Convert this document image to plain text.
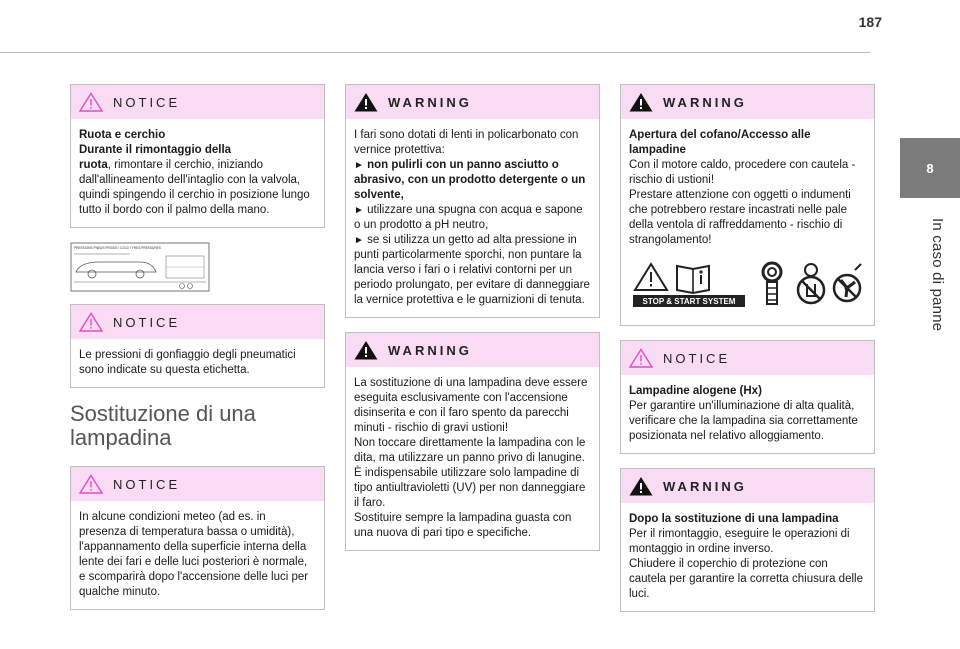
187
8
In caso di panne
NOTICE

Ruota e cerchio

Durante il rimontaggio della

ruota, rimontare il cerchio, iniziando dall'allineamento dell'intaglio con la valvola, quindi spingendo il cerchio in posizione lungo tutto il bordo con il palmo della mano.

PRESSIONS PNEUS FROIDS / COLD TYRES PRESSURES
NOTICE

Le pressioni di gonfiaggio degli pneumatici sono indicate su questa etichetta.

Sostituzione di una
lampadina
NOTICE

In alcune condizioni meteo (ad es. in presenza di temperatura bassa o umidità), l'appannamento della superficie interna della lente dei fari e delle luci posteriori è normale, e scomparirà dopo l'accensione delle luci per qualche minuto.

WARNING

I fari sono dotati di lenti in policarbonato con vernice protettiva:

► non pulirli con un panno asciutto o abrasivo, con un prodotto detergente o un solvente,

► utilizzare una spugna con acqua e sapone o un prodotto a pH neutro,

► se si utilizza un getto ad alta pressione in punti particolarmente sporchi, non puntare la lancia verso i fari o i relativi contorni per un periodo prolungato, per evitare di danneggiare la vernice protettiva e le guarnizioni di tenuta.

WARNING

La sostituzione di una lampadina deve essere eseguita esclusivamente con l'accensione disinserita e con il faro spento da parecchi minuti - rischio di gravi ustioni!

Non toccare direttamente la lampadina con le dita, ma utilizzare un panno privo di lanugine.

È indispensabile utilizzare solo lampadine di tipo antiultravioletti (UV) per non danneggiare il faro.

Sostituire sempre la lampadina guasta con una nuova di pari tipo e specifiche.

WARNING

Apertura del cofano/Accesso alle lampadine

Con il motore caldo, procedere con cautela - rischio di ustioni!

Prestare attenzione con oggetti o indumenti che potrebbero restare incastrati nelle pale della ventola di raffreddamento - rischio di strangolamento!

STOP & START SYSTEM
NOTICE

Lampadine alogene (Hx)

Per garantire un'illuminazione di alta qualità, verificare che la lampadina sia correttamente posizionata nel relativo alloggiamento.

WARNING

Dopo la sostituzione di una lampadina

Per il rimontaggio, eseguire le operazioni di montaggio in ordine inverso.

Chiudere il coperchio di protezione con cautela per garantire la corretta chiusura delle luci.
